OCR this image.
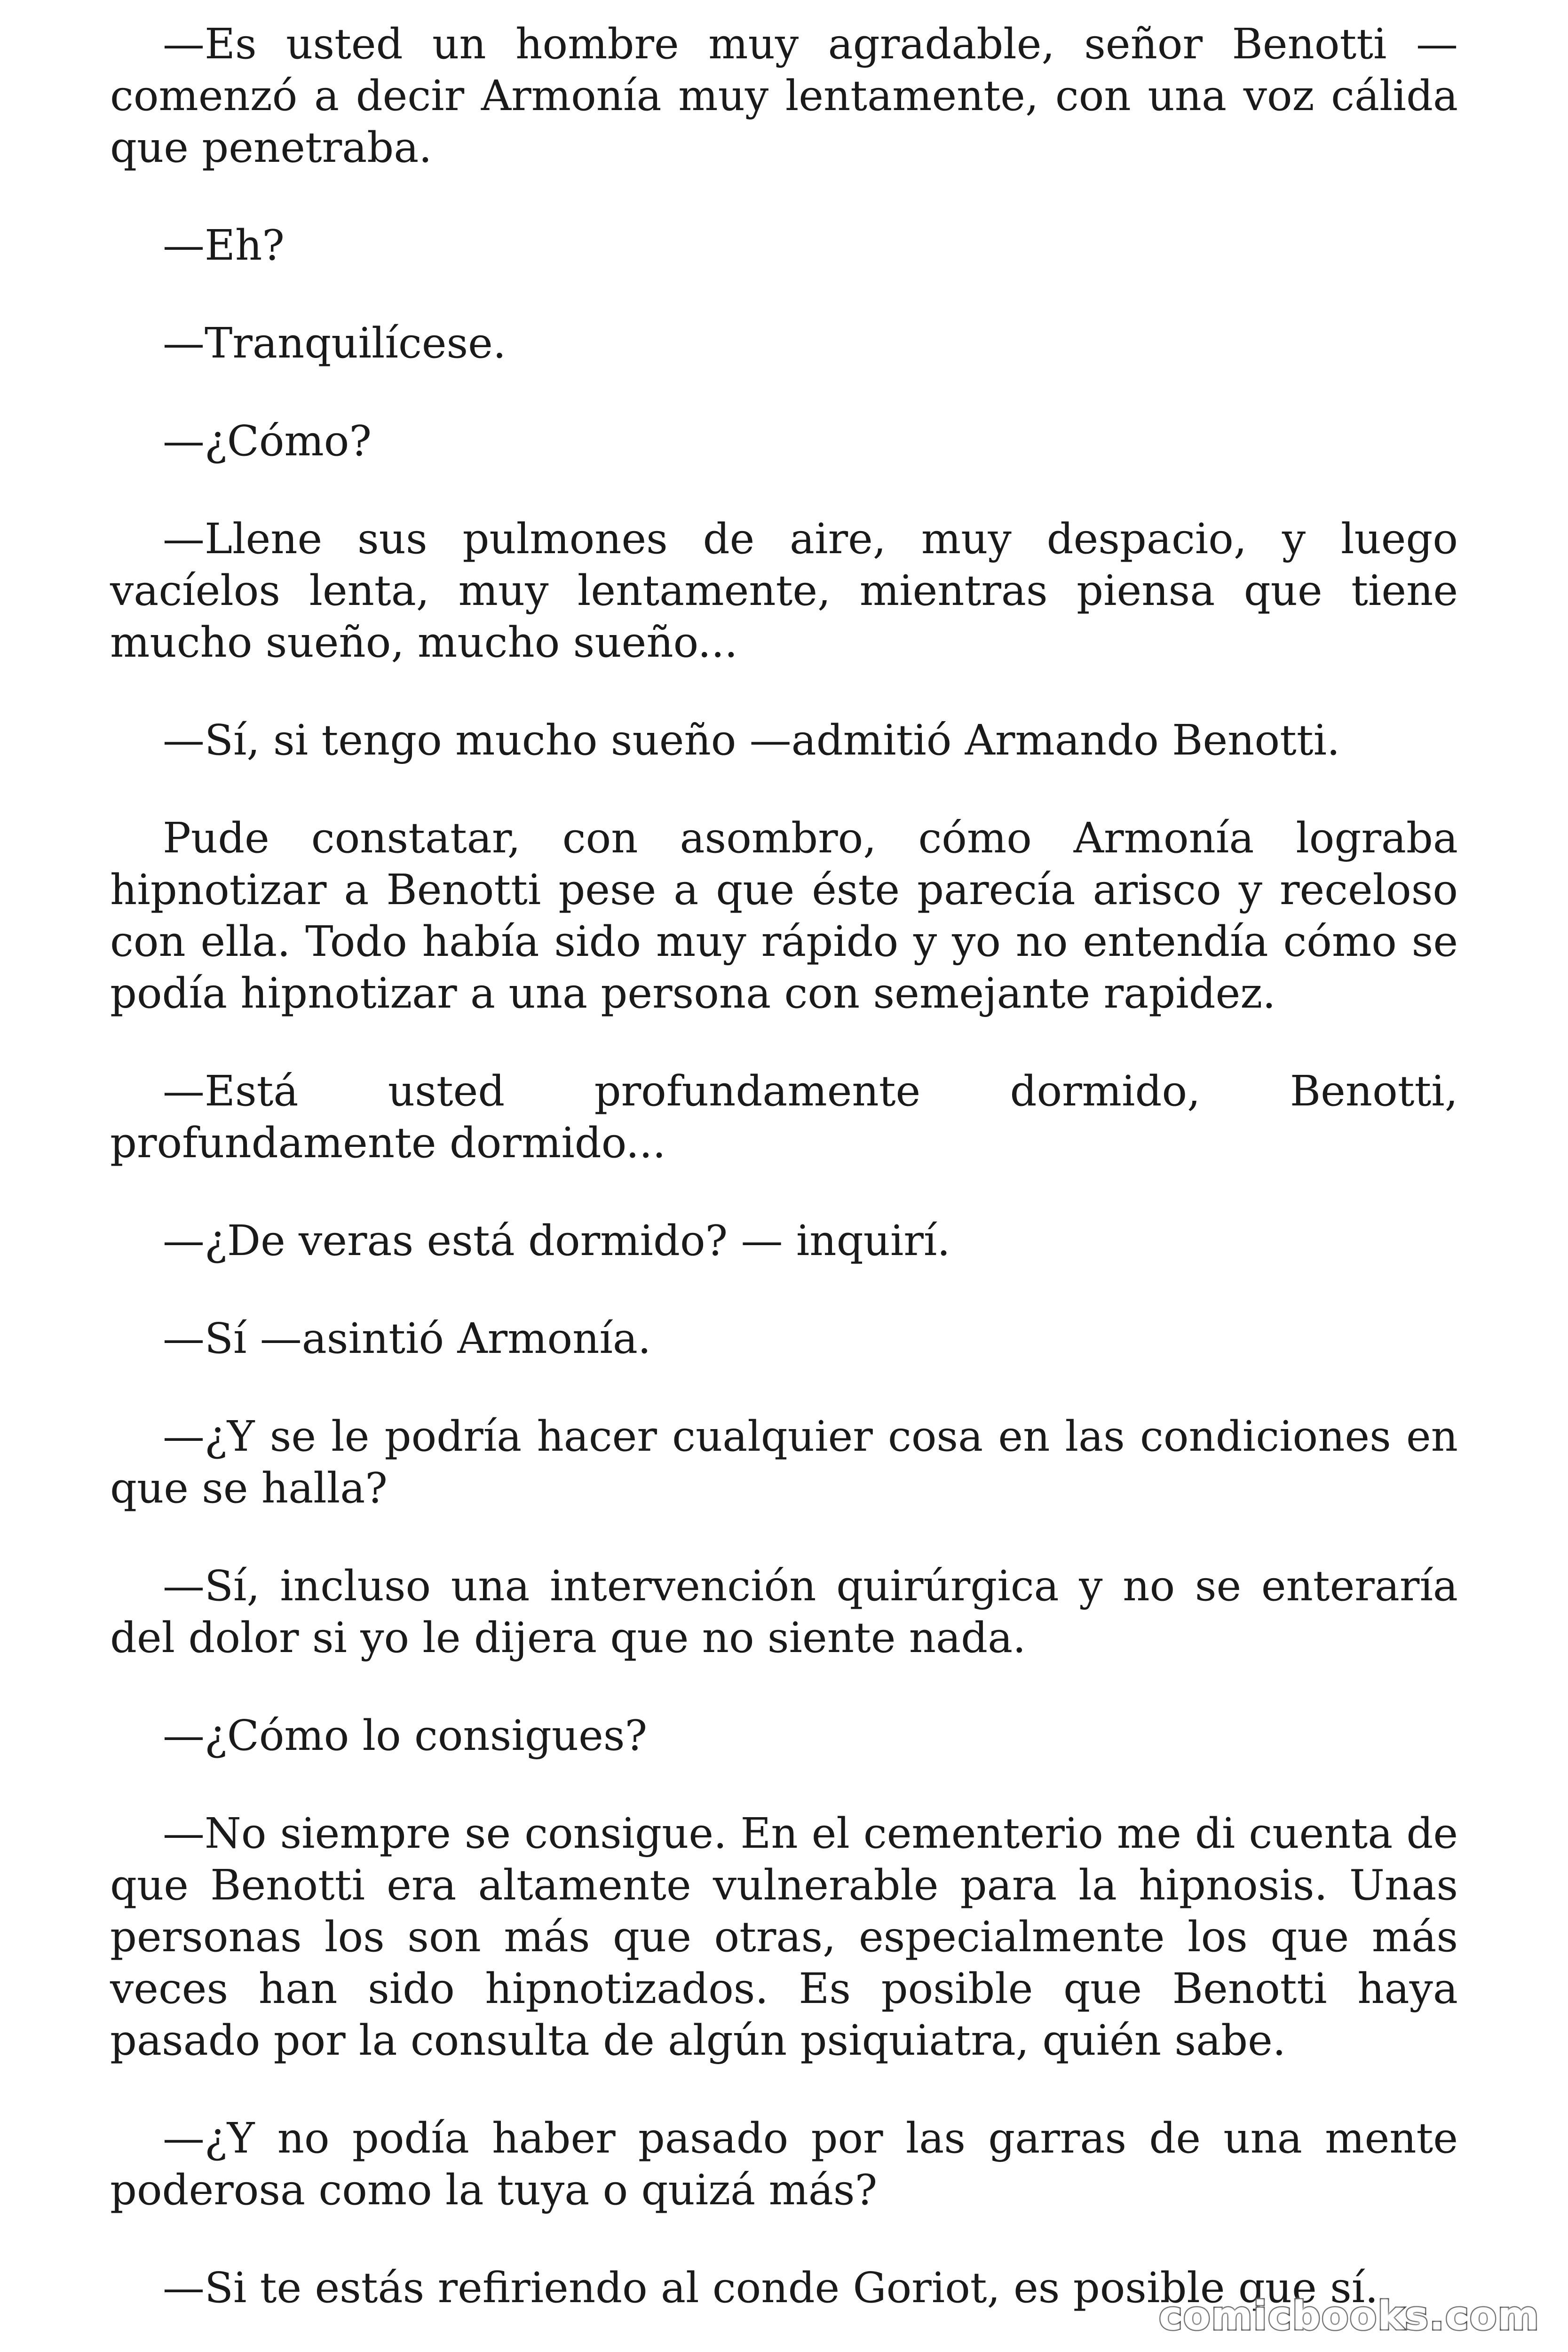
—Es usted un hombre muy agradable, señor Benotti —comenzó a decir Armonía muy lentamente, con una voz cálida que penetraba.

—Eh?

—Tranquilícese.

—¿Cómo?

—Llene sus pulmones de aire, muy despacio, y luego vacíelos lenta, muy lentamente, mientras piensa que tiene mucho sueño, mucho sueño...

—Sí, si tengo mucho sueño —admitió Armando Benotti.

Pude constatar, con asombro, cómo Armonía lograba hipnotizar a Benotti pese a que éste parecía arisco y receloso con ella. Todo había sido muy rápido y yo no entendía cómo se podía hipnotizar a una persona con semejante rapidez.

—Está usted profundamente dormido, Benotti, profundamente dormido...

—¿De veras está dormido? — inquirí.

—Sí —asintió Armonía.

—¿Y se le podría hacer cualquier cosa en las condiciones en que se halla?

—Sí, incluso una intervención quirúrgica y no se enteraría del dolor si yo le dijera que no siente nada.

—¿Cómo lo consigues?

—No siempre se consigue. En el cementerio me di cuenta de que Benotti era altamente vulnerable para la hipnosis. Unas personas los son más que otras, especialmente los que más veces han sido hipnotizados. Es posible que Benotti haya pasado por la consulta de algún psiquiatra, quién sabe.

—¿Y no podía haber pasado por las garras de una mente poderosa como la tuya o quizá más?

—Si te estás refiriendo al conde Goriot, es posible que sí.

comicbooks.com
